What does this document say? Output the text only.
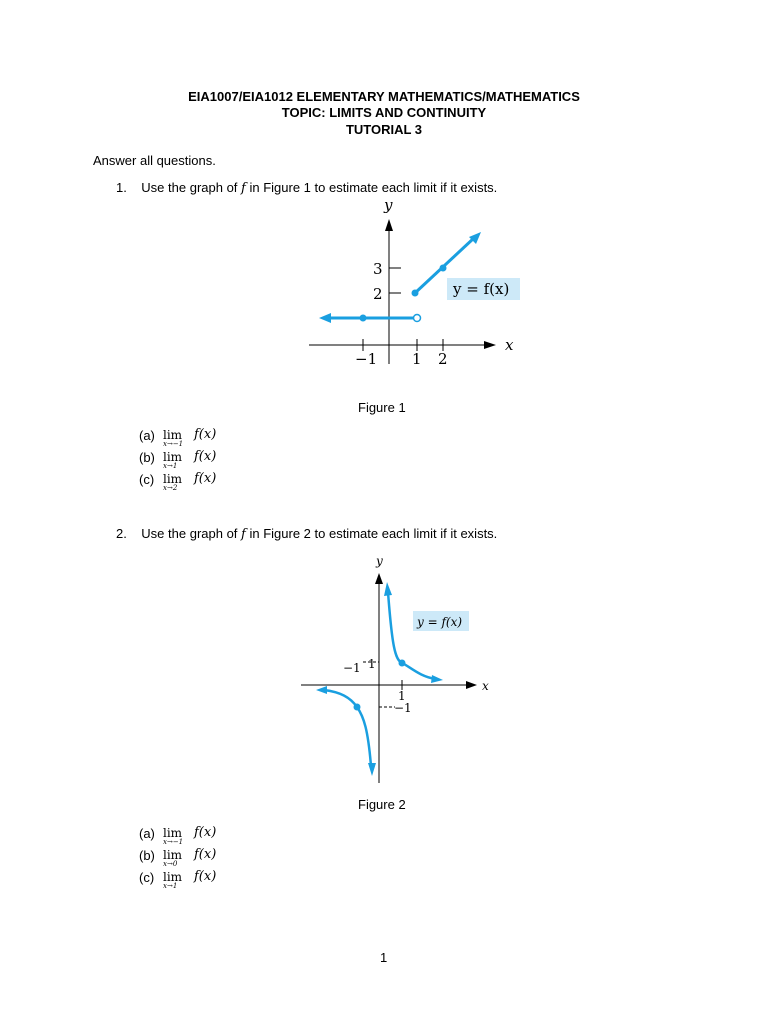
EIA1007/EIA1012 ELEMENTARY MATHEMATICS/MATHEMATICS
TOPIC: LIMITS AND CONTINUITY
TUTORIAL 3
Answer all questions.
1. Use the graph of f in Figure 1 to estimate each limit if it exists.
−1 1 2
3
2
x
y
y = f(x)
Figure 1
(a) lim
x→−1
f(x)
(b) lim
x→1
f(x)
(c) lim
x→2
f(x)
2. Use the graph of f in Figure 2 to estimate each limit if it exists.
−1 1
1
−1
x
y
y = f(x)
Figure 2
(a) lim
x→−1
f(x)
(b) lim
x→0
f(x)
(c) lim
x→1
f(x)
1
